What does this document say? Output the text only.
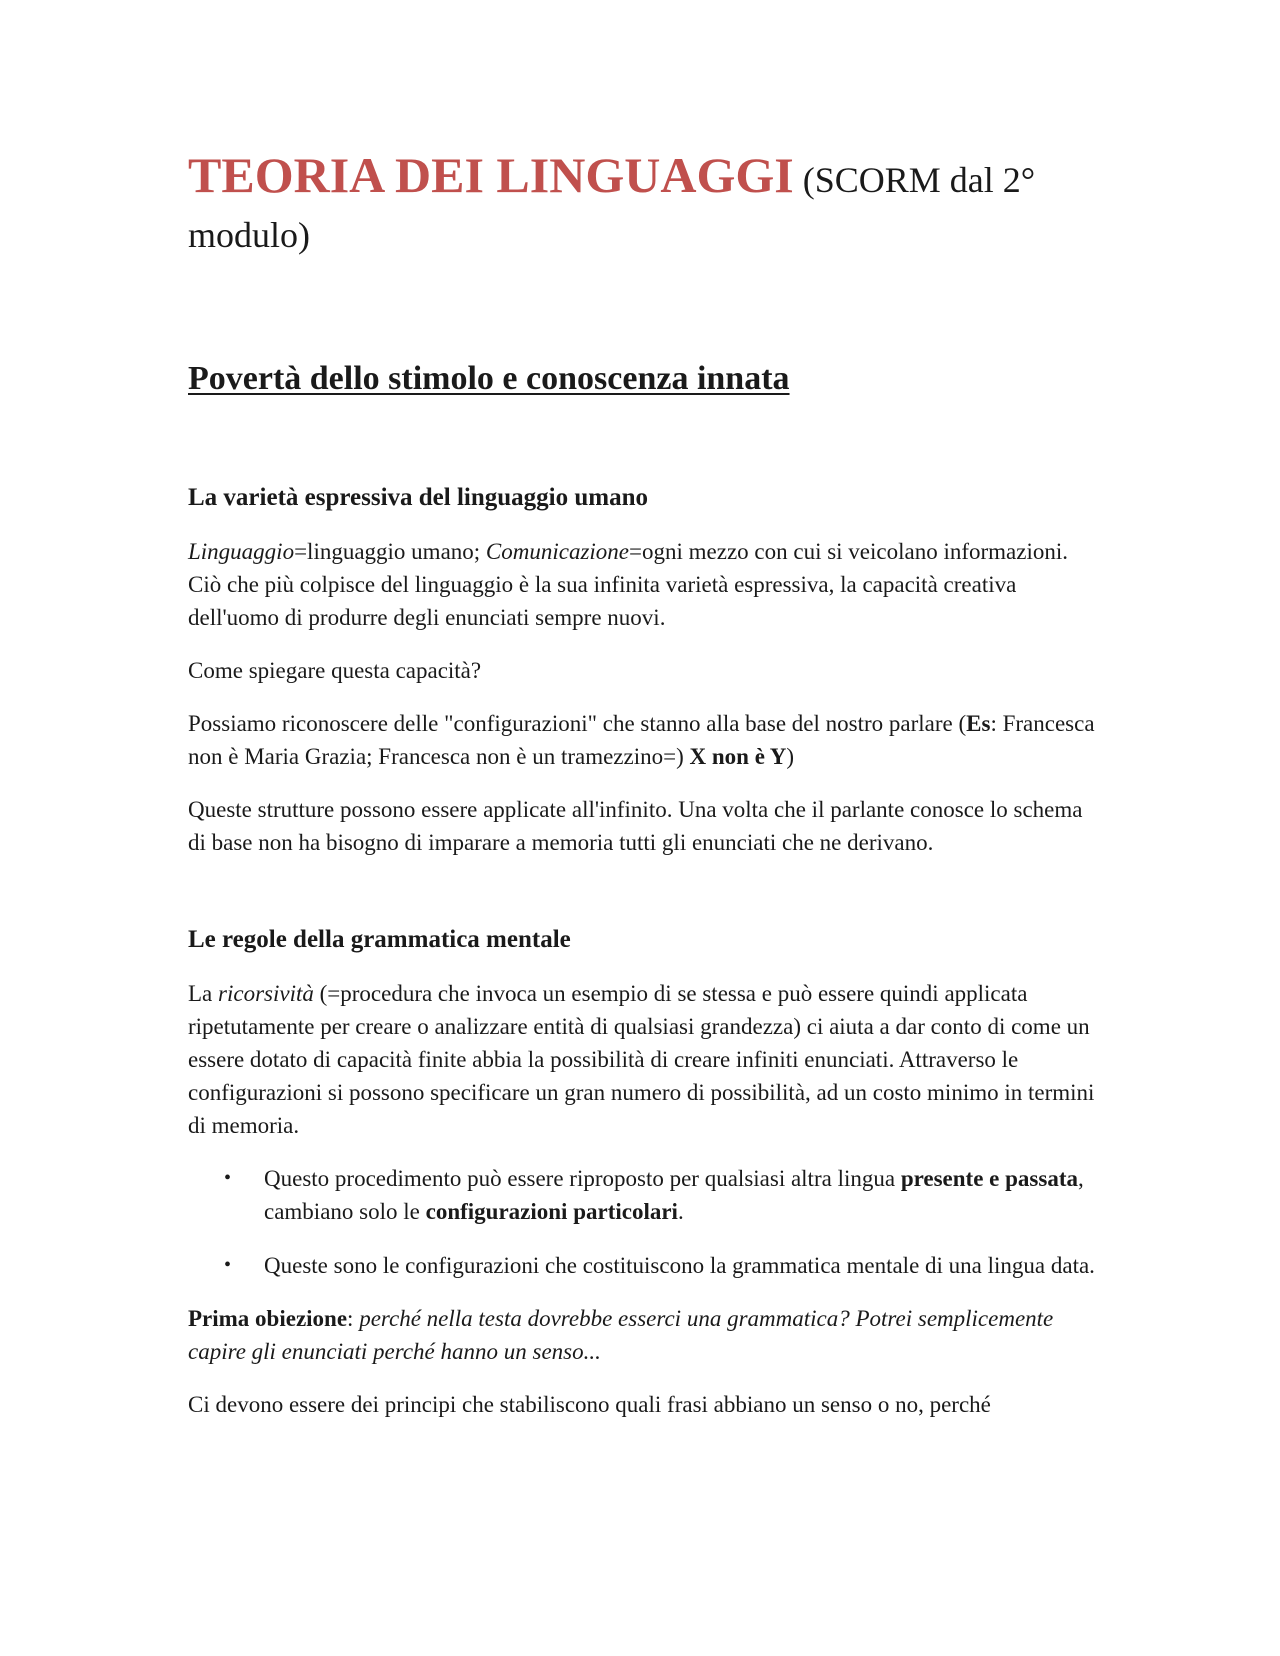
TEORIA DEI LINGUAGGI (SCORM dal 2° modulo)
Povertà dello stimolo e conoscenza innata
La varietà espressiva del linguaggio umano

Linguaggio=linguaggio umano; Comunicazione=ogni mezzo con cui si veicolano informazioni. Ciò che più colpisce del linguaggio è la sua infinita varietà espressiva, la capacità creativa dell'uomo di produrre degli enunciati sempre nuovi.

Come spiegare questa capacità?

Possiamo riconoscere delle "configurazioni" che stanno alla base del nostro parlare (Es: Francesca non è Maria Grazia; Francesca non è un tramezzino=) X non è Y)

Queste strutture possono essere applicate all'infinito. Una volta che il parlante conosce lo schema di base non ha bisogno di imparare a memoria tutti gli enunciati che ne derivano.

Le regole della grammatica mentale

La ricorsività (=procedura che invoca un esempio di se stessa e può essere quindi applicata ripetutamente per creare o analizzare entità di qualsiasi grandezza) ci aiuta a dar conto di come un essere dotato di capacità finite abbia la possibilità di creare infiniti enunciati. Attraverso le configurazioni si possono specificare un gran numero di possibilità, ad un costo minimo in termini di memoria.

• Questo procedimento può essere riproposto per qualsiasi altra lingua presente e passata, cambiano solo le configurazioni particolari.
• Queste sono le configurazioni che costituiscono la grammatica mentale di una lingua data.

Prima obiezione: perché nella testa dovrebbe esserci una grammatica? Potrei semplicemente capire gli enunciati perché hanno un senso...

Ci devono essere dei principi che stabiliscono quali frasi abbiano un senso o no, perché
